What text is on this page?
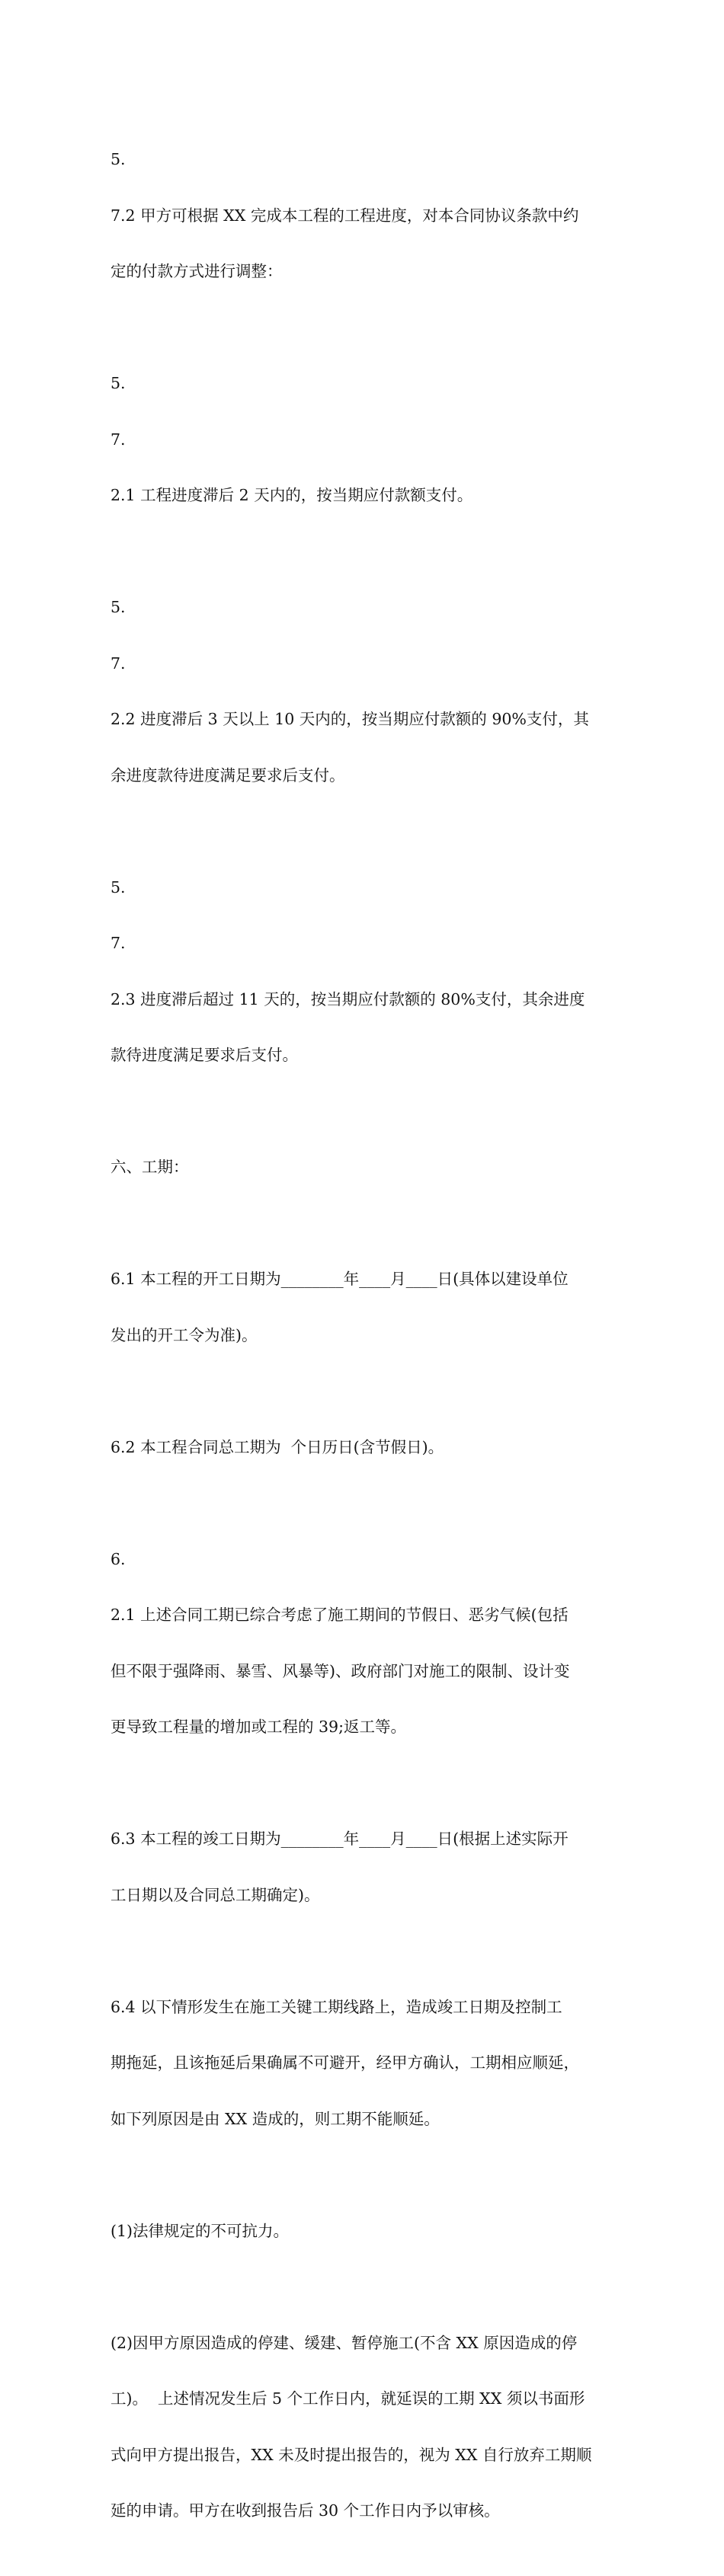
5.

7.2 甲方可根据 XX 完成本工程的工程进度，对本合同协议条款中约

定的付款方式进行调整：

5.

7.

2.1 工程进度滞后 2 天内的，按当期应付款额支付。

5.

7.

2.2 进度滞后 3 天以上 10 天内的，按当期应付款额的 90%支付，其

余进度款待进度满足要求后支付。

5.

7.

2.3 进度滞后超过 11 天的，按当期应付款额的 80%支付，其余进度

款待进度满足要求后支付。

六、工期：

6.1 本工程的开工日期为________年____月____日(具体以建设单位

发出的开工令为准)。

6.2 本工程合同总工期为  个日历日(含节假日)。

6.

2.1 上述合同工期已综合考虑了施工期间的节假日、恶劣气候(包括

但不限于强降雨、暴雪、风暴等)、政府部门对施工的限制、设计变

更导致工程量的增加或工程的 39;返工等。

6.3 本工程的竣工日期为________年____月____日(根据上述实际开

工日期以及合同总工期确定)。

6.4 以下情形发生在施工关键工期线路上，造成竣工日期及控制工

期拖延，且该拖延后果确属不可避开，经甲方确认，工期相应顺延，

如下列原因是由 XX 造成的，则工期不能顺延。

(1)法律规定的不可抗力。

(2)因甲方原因造成的停建、缓建、暂停施工(不含 XX 原因造成的停

工)。  上述情况发生后 5 个工作日内，就延误的工期 XX 须以书面形

式向甲方提出报告，XX 未及时提出报告的，视为 XX 自行放弃工期顺

延的申请。甲方在收到报告后 30 个工作日内予以审核。
